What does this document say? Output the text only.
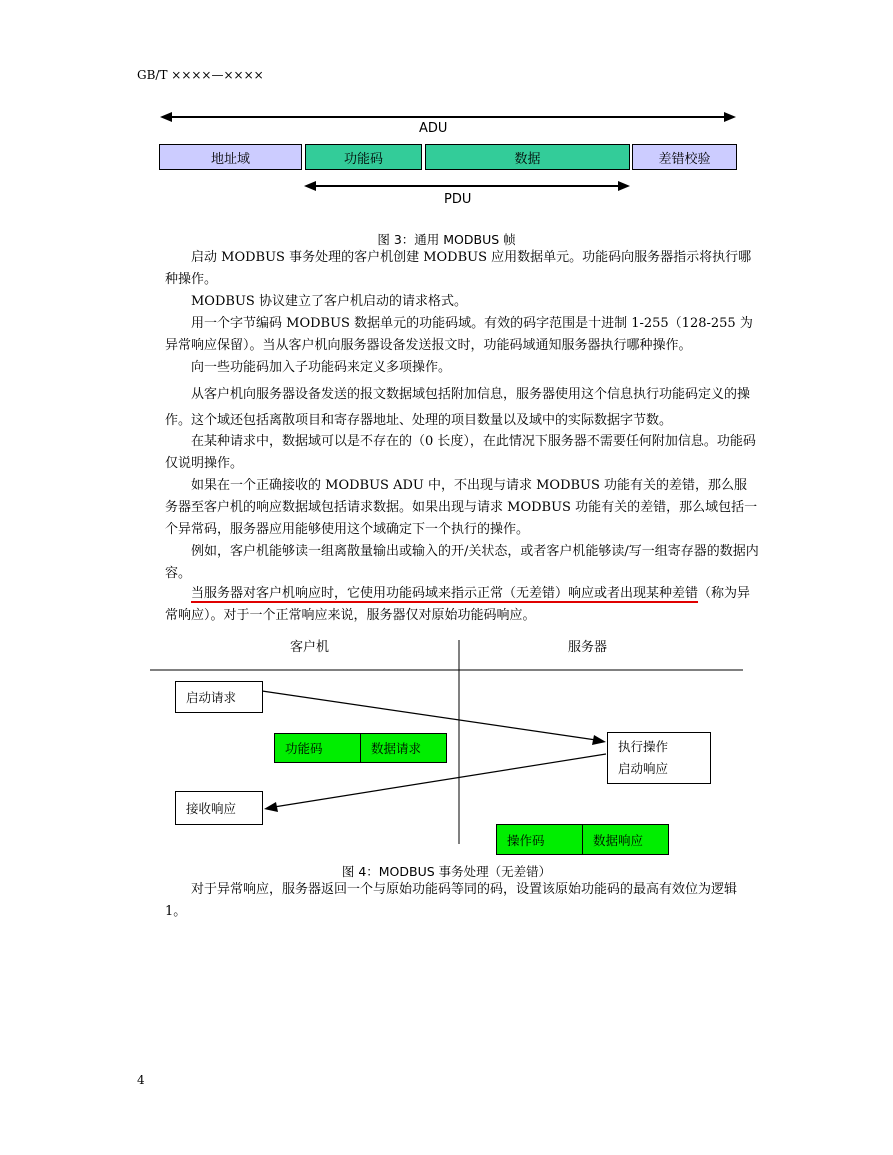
GB/T ××××—××××
ADU
PDU
地址域	功能码	数据	差错校验
图 3：通用 MODBUS 帧

启动 MODBUS 事务处理的客户机创建 MODBUS 应用数据单元。功能码向服务器指示将执行哪种操作。

MODBUS 协议建立了客户机启动的请求格式。

用一个字节编码 MODBUS 数据单元的功能码域。有效的码字范围是十进制 1-255（128-255 为异常响应保留）。当从客户机向服务器设备发送报文时，功能码域通知服务器执行哪种操作。

向一些功能码加入子功能码来定义多项操作。

从客户机向服务器设备发送的报文数据域包括附加信息，服务器使用这个信息执行功能码定义的操作。这个域还包括离散项目和寄存器地址、处理的项目数量以及域中的实际数据字节数。

在某种请求中，数据域可以是不存在的（0 长度），在此情况下服务器不需要任何附加信息。功能码仅说明操作。

如果在一个正确接收的 MODBUS ADU 中，不出现与请求 MODBUS 功能有关的差错，那么服务器至客户机的响应数据域包括请求数据。如果出现与请求 MODBUS 功能有关的差错，那么域包括一个异常码，服务器应用能够使用这个域确定下一个执行的操作。

例如，客户机能够读一组离散量输出或输入的开/关状态，或者客户机能够读/写一组寄存器的数据内容。

当服务器对客户机响应时，它使用功能码域来指示正常（无差错）响应或者出现某种差错（称为异常响应）。对于一个正常响应来说，服务器仅对原始功能码响应。

客户机	服务器
启动请求
功能码	数据请求	执行操作
启动响应
接收响应
操作码	数据响应
图 4：MODBUS 事务处理（无差错）

对于异常响应，服务器返回一个与原始功能码等同的码，设置该原始功能码的最高有效位为逻辑 1。

4
